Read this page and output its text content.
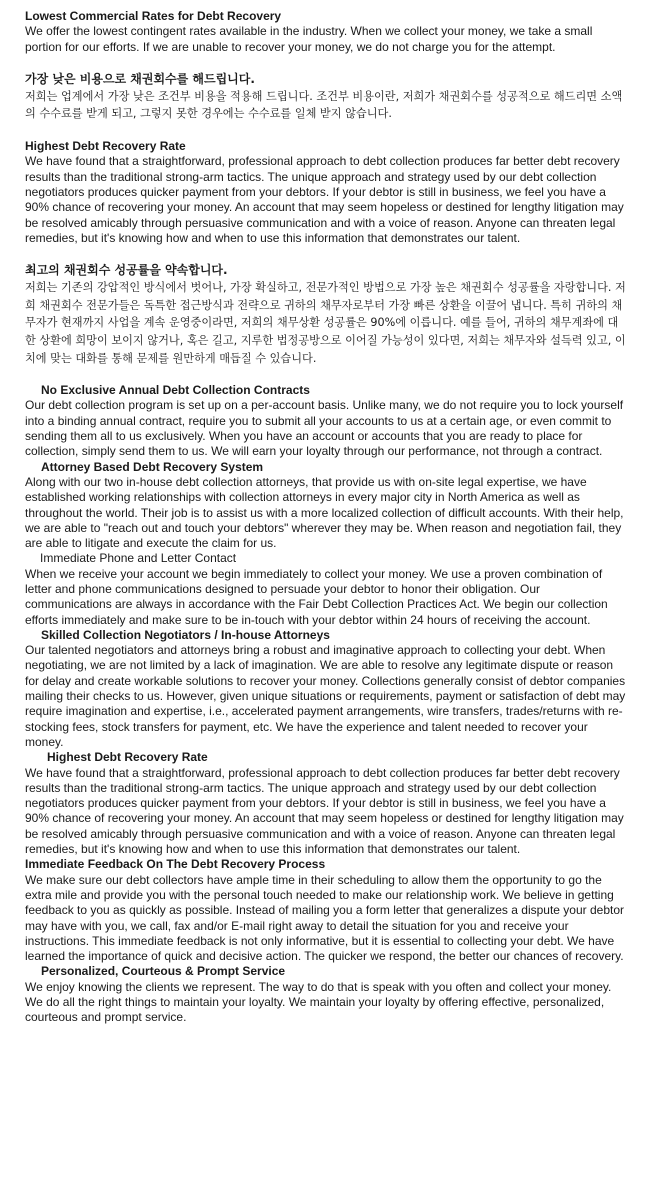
Lowest Commercial Rates for Debt Recovery
We offer the lowest contingent rates available in the industry. When we collect your money, we take a small portion for our efforts. If we are unable to recover your money, we do not charge you for the attempt.
가장 낮은 비용으로 채권회수를 해드립니다.
저희는 업계에서 가장 낮은 조건부 비용을 적용해 드립니다. 조건부 비용이란, 저희가 채권회수를 성공적으로 해드리면 소액의 수수료를 받게 되고, 그렇지 못한 경우에는 수수료를 일체 받지 않습니다.
Highest Debt Recovery Rate
We have found that a straightforward, professional approach to debt collection produces far better debt recovery results than the traditional strong-arm tactics. The unique approach and strategy used by our debt collection negotiators produces quicker payment from your debtors. If your debtor is still in business, we feel you have a 90% chance of recovering your money. An account that may seem hopeless or destined for lengthy litigation may be resolved amicably through persuasive communication and with a voice of reason. Anyone can threaten legal remedies, but it's knowing how and when to use this information that demonstrates our talent.
최고의 채권회수 성공률을 약속합니다.
저희는 기존의 강압적인 방식에서 벗어나, 가장 확실하고, 전문가적인 방법으로 가장 높은 채권회수 성공률을 자랑합니다. 저희 채권회수 전문가들은 독특한 접근방식과 전략으로 귀하의 채무자로부터 가장 빠른 상환을 이끌어 냅니다. 특히 귀하의 채무자가 현재까지 사업을 계속 운영중이라면, 저희의 채무상환 성공률은 90%에 이릅니다. 예를 들어, 귀하의 채무계좌에 대한 상환에 희망이 보이지 않거나, 혹은 길고, 지루한 법정공방으로 이어질 가능성이 있다면, 저희는 채무자와 설득력 있고, 이치에 맞는 대화를 통해 문제를 원만하게 매듭질 수 있습니다.
No Exclusive Annual Debt Collection Contracts
Our debt collection program is set up on a per-account basis. Unlike many, we do not require you to lock yourself into a binding annual contract, require you to submit all your accounts to us at a certain age, or even commit to sending them all to us exclusively. When you have an account or accounts that you are ready to place for collection, simply send them to us. We will earn your loyalty through our performance, not through a contract.
Attorney Based Debt Recovery System
Along with our two in-house debt collection attorneys, that provide us with on-site legal expertise, we have established working relationships with collection attorneys in every major city in North America as well as throughout the world. Their job is to assist us with a more localized collection of difficult accounts. With their help, we are able to "reach out and touch your debtors" wherever they may be. When reason and negotiation fail, they are able to litigate and execute the claim for us.
Immediate Phone and Letter Contact
When we receive your account we begin immediately to collect your money. We use a proven combination of letter and phone communications designed to persuade your debtor to honor their obligation. Our communications are always in accordance with the Fair Debt Collection Practices Act. We begin our collection efforts immediately and make sure to be in-touch with your debtor within 24 hours of receiving the account.
Skilled Collection Negotiators / In-house Attorneys
Our talented negotiators and attorneys bring a robust and imaginative approach to collecting your debt. When negotiating, we are not limited by a lack of imagination. We are able to resolve any legitimate dispute or reason for delay and create workable solutions to recover your money. Collections generally consist of debtor companies mailing their checks to us. However, given unique situations or requirements, payment or satisfaction of debt may require imagination and expertise, i.e., accelerated payment arrangements, wire transfers, trades/returns with re-stocking fees, stock transfers for payment, etc. We have the experience and talent needed to recover your money.
Highest Debt Recovery Rate
We have found that a straightforward, professional approach to debt collection produces far better debt recovery results than the traditional strong-arm tactics. The unique approach and strategy used by our debt collection negotiators produces quicker payment from your debtors. If your debtor is still in business, we feel you have a 90% chance of recovering your money. An account that may seem hopeless or destined for lengthy litigation may be resolved amicably through persuasive communication and with a voice of reason. Anyone can threaten legal remedies, but it's knowing how and when to use this information that demonstrates our talent.
Immediate Feedback On The Debt Recovery Process
We make sure our debt collectors have ample time in their scheduling to allow them the opportunity to go the extra mile and provide you with the personal touch needed to make our relationship work. We believe in getting feedback to you as quickly as possible. Instead of mailing you a form letter that generalizes a dispute your debtor may have with you, we call, fax and/or E-mail right away to detail the situation for you and receive your instructions. This immediate feedback is not only informative, but it is essential to collecting your debt. We have learned the importance of quick and decisive action. The quicker we respond, the better our chances of recovery.
Personalized, Courteous & Prompt Service
We enjoy knowing the clients we represent. The way to do that is speak with you often and collect your money. We do all the right things to maintain your loyalty. We maintain your loyalty by offering effective, personalized, courteous and prompt service.
